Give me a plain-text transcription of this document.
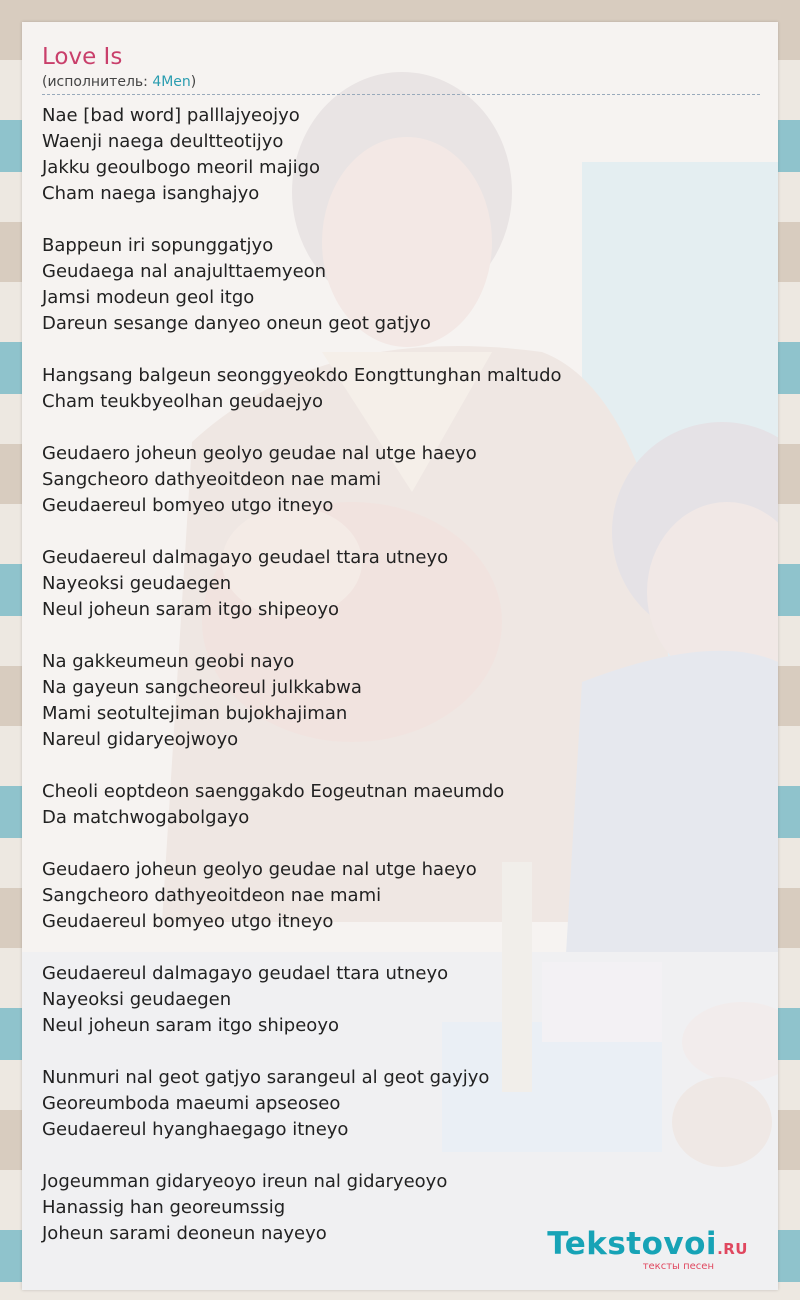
Love Is
(исполнитель: 4Men)
Nae [bad word] palllajyeojyo
Waenji naega deultteotijyo
Jakku geoulbogo meoril majigo
Cham naega isanghajyo
Bappeun iri sopunggatjyo
Geudaega nal anajulttaemyeon
Jamsi modeun geol itgo
Dareun sesange danyeo oneun geot gatjyo
Hangsang balgeun seonggyeokdo Eongttunghan maltudo
Cham teukbyeolhan geudaejyo
Geudaero joheun geolyo geudae nal utge haeyo
Sangcheoro dathyeoitdeon nae mami
Geudaereul bomyeo utgo itneyo
Geudaereul dalmagayo geudael ttara utneyo
Nayeoksi geudaegen
Neul joheun saram itgo shipeoyo
Na gakkeumeun geobi nayo
Na gayeun sangcheoreul julkkabwa
Mami seotultejiman bujokhajiman
Nareul gidaryeojwoyo
Cheoli eoptdeon saenggakdo Eogeutnan maeumdo
Da matchwogabolgayo
Geudaero joheun geolyo geudae nal utge haeyo
Sangcheoro dathyeoitdeon nae mami
Geudaereul bomyeo utgo itneyo
Geudaereul dalmagayo geudael ttara utneyo
Nayeoksi geudaegen
Neul joheun saram itgo shipeoyo
Nunmuri nal geot gatjyo sarangeul al geot gayjyo
Georeumboda maeumi apseoseo
Geudaereul hyanghaegago itneyo
Jogeumman gidaryeoyo ireun nal gidaryeoyo
Hanassig han georeumssig
Joheun sarami deoneun nayeyo	Tekstovoi.RU
тексты песен
